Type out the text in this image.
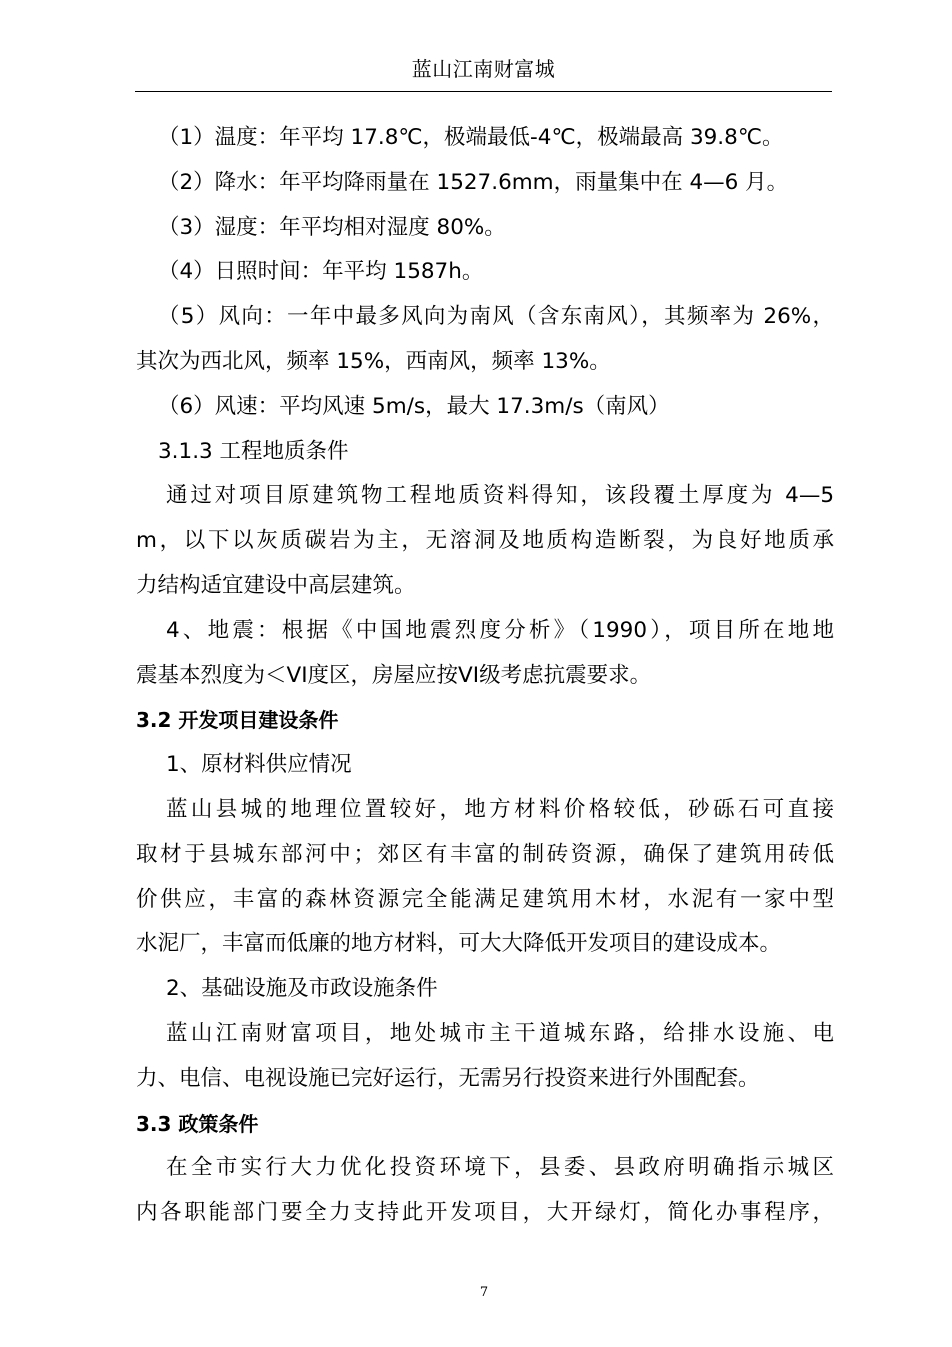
蓝山江南财富城
（1）温度：年平均 17.8℃，极端最低-4℃，极端最高 39.8℃。
（2）降水：年平均降雨量在 1527.6mm，雨量集中在 4—6 月。
（3）湿度：年平均相对湿度 80%。
（4）日照时间：年平均 1587h。
（5）风向：一年中最多风向为南风（含东南风），其频率为 26%，
其次为西北风，频率 15%，西南风，频率 13%。
（6）风速：平均风速 5m/s，最大 17.3m/s（南风）
3.1.3 工程地质条件
通过对项目原建筑物工程地质资料得知，该段覆土厚度为 4—5
m，以下以灰质碳岩为主，无溶洞及地质构造断裂，为良好地质承
力结构适宜建设中高层建筑。
4、地震：根据《中国地震烈度分析》（1990），项目所在地地
震基本烈度为＜ⅤⅠ度区，房屋应按VI级考虑抗震要求。
3.2 开发项目建设条件
1、原材料供应情况
蓝山县城的地理位置较好，地方材料价格较低，砂砾石可直接
取材于县城东部河中；郊区有丰富的制砖资源，确保了建筑用砖低
价供应，丰富的森林资源完全能满足建筑用木材，水泥有一家中型
水泥厂，丰富而低廉的地方材料，可大大降低开发项目的建设成本。
2、基础设施及市政设施条件
蓝山江南财富项目，地处城市主干道城东路，给排水设施、电
力、电信、电视设施已完好运行，无需另行投资来进行外围配套。
3.3 政策条件
在全市实行大力优化投资环境下，县委、县政府明确指示城区
内各职能部门要全力支持此开发项目，大开绿灯，简化办事程序，
7
